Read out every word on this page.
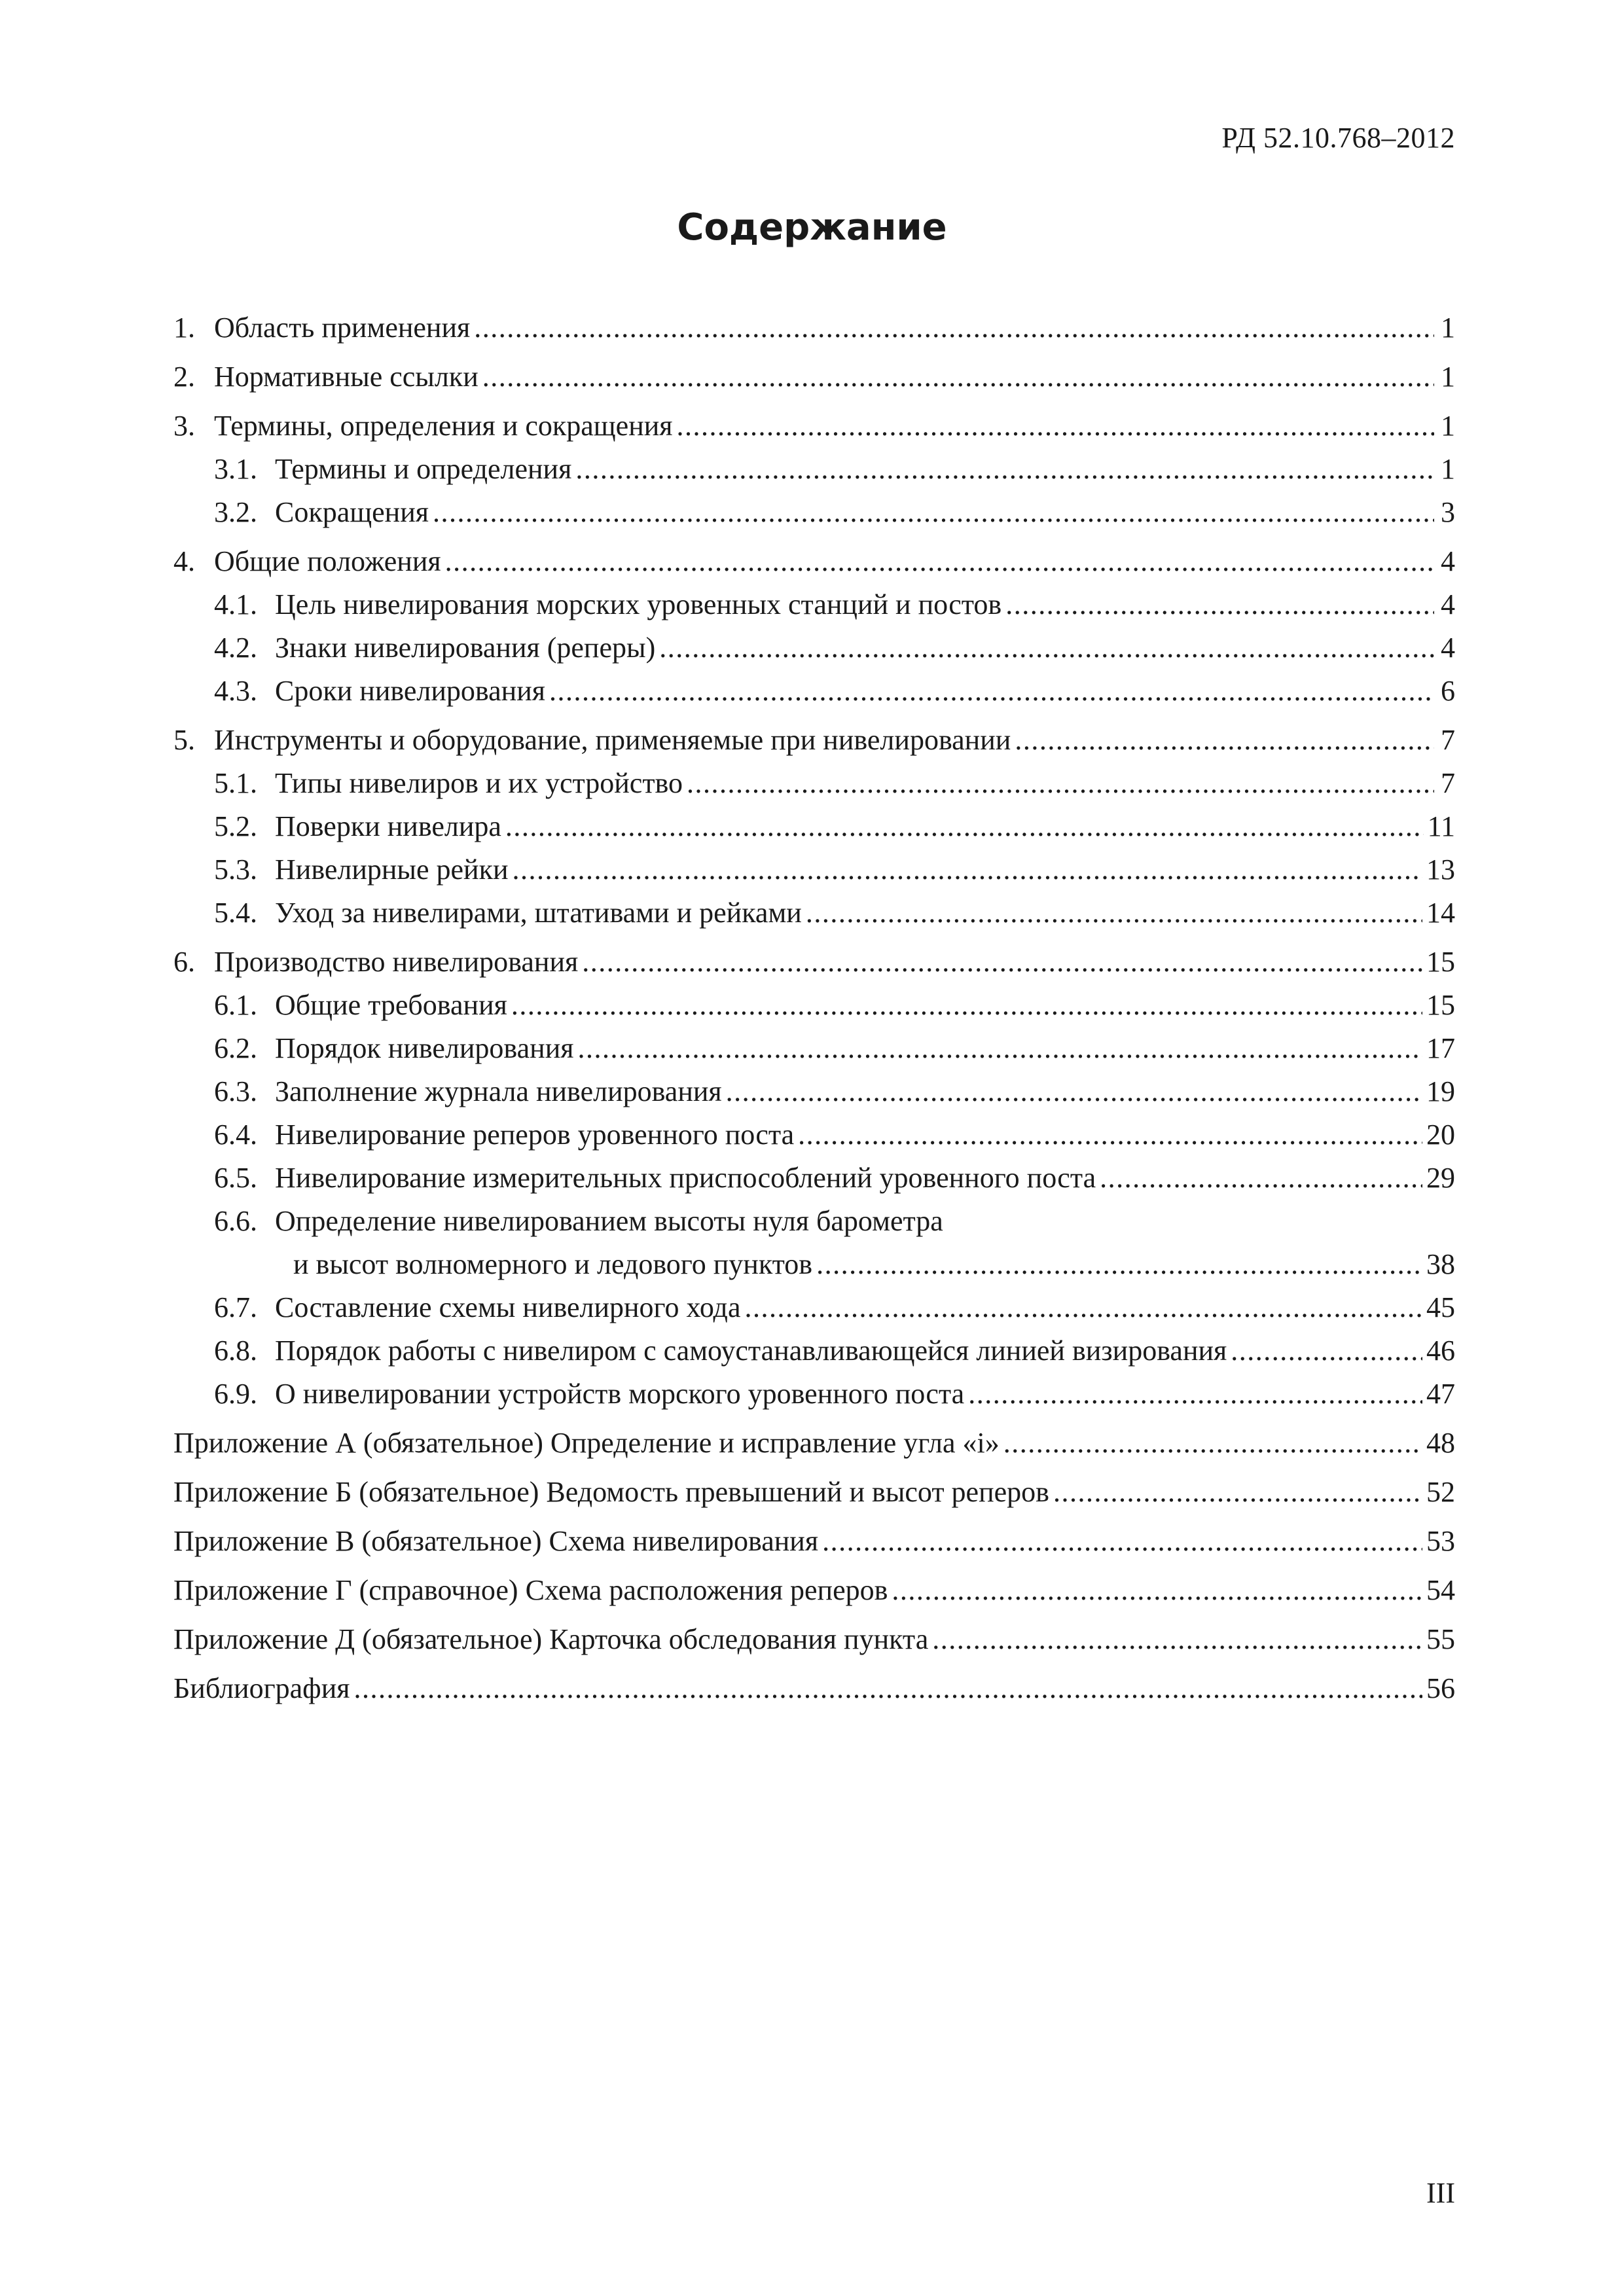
РД 52.10.768–2012
Содержание
1. Область применения .....	1
2. Нормативные ссылки .....	1
3. Термины, определения и сокращения .....	1
3.1. Термины и определения .....	1
3.2. Сокращения .....	3
4. Общие положения .....	4
4.1. Цель нивелирования морских уровенных станций и постов .....	4
4.2. Знаки нивелирования (реперы) .....	4
4.3. Сроки нивелирования .....	6
5. Инструменты и оборудование, применяемые при нивелировании .....	7
5.1. Типы нивелиров и их устройство .....	7
5.2. Поверки нивелира .....	11
5.3. Нивелирные рейки .....	13
5.4. Уход за нивелирами, штативами и рейками .....	14
6. Производство нивелирования .....	15
6.1. Общие требования .....	15
6.2. Порядок нивелирования .....	17
6.3. Заполнение журнала нивелирования .....	19
6.4. Нивелирование реперов уровенного поста .....	20
6.5. Нивелирование измерительных приспособлений уровенного поста .....	29
6.6. Определение нивелированием высоты нуля барометра
и высот волномерного и ледового пунктов .....	38
6.7. Составление схемы нивелирного хода .....	45
6.8. Порядок работы с нивелиром с самоустанавливающейся линией визирования .....	46
6.9. О нивелировании устройств морского уровенного поста .....	47
Приложение А (обязательное) Определение и исправление угла «i» .....	48
Приложение Б (обязательное) Ведомость превышений и высот реперов .....	52
Приложение В (обязательное) Схема нивелирования .....	53
Приложение Г (справочное) Схема расположения реперов .....	54
Приложение Д (обязательное) Карточка обследования пункта .....	55
Библиография .....	56
III
